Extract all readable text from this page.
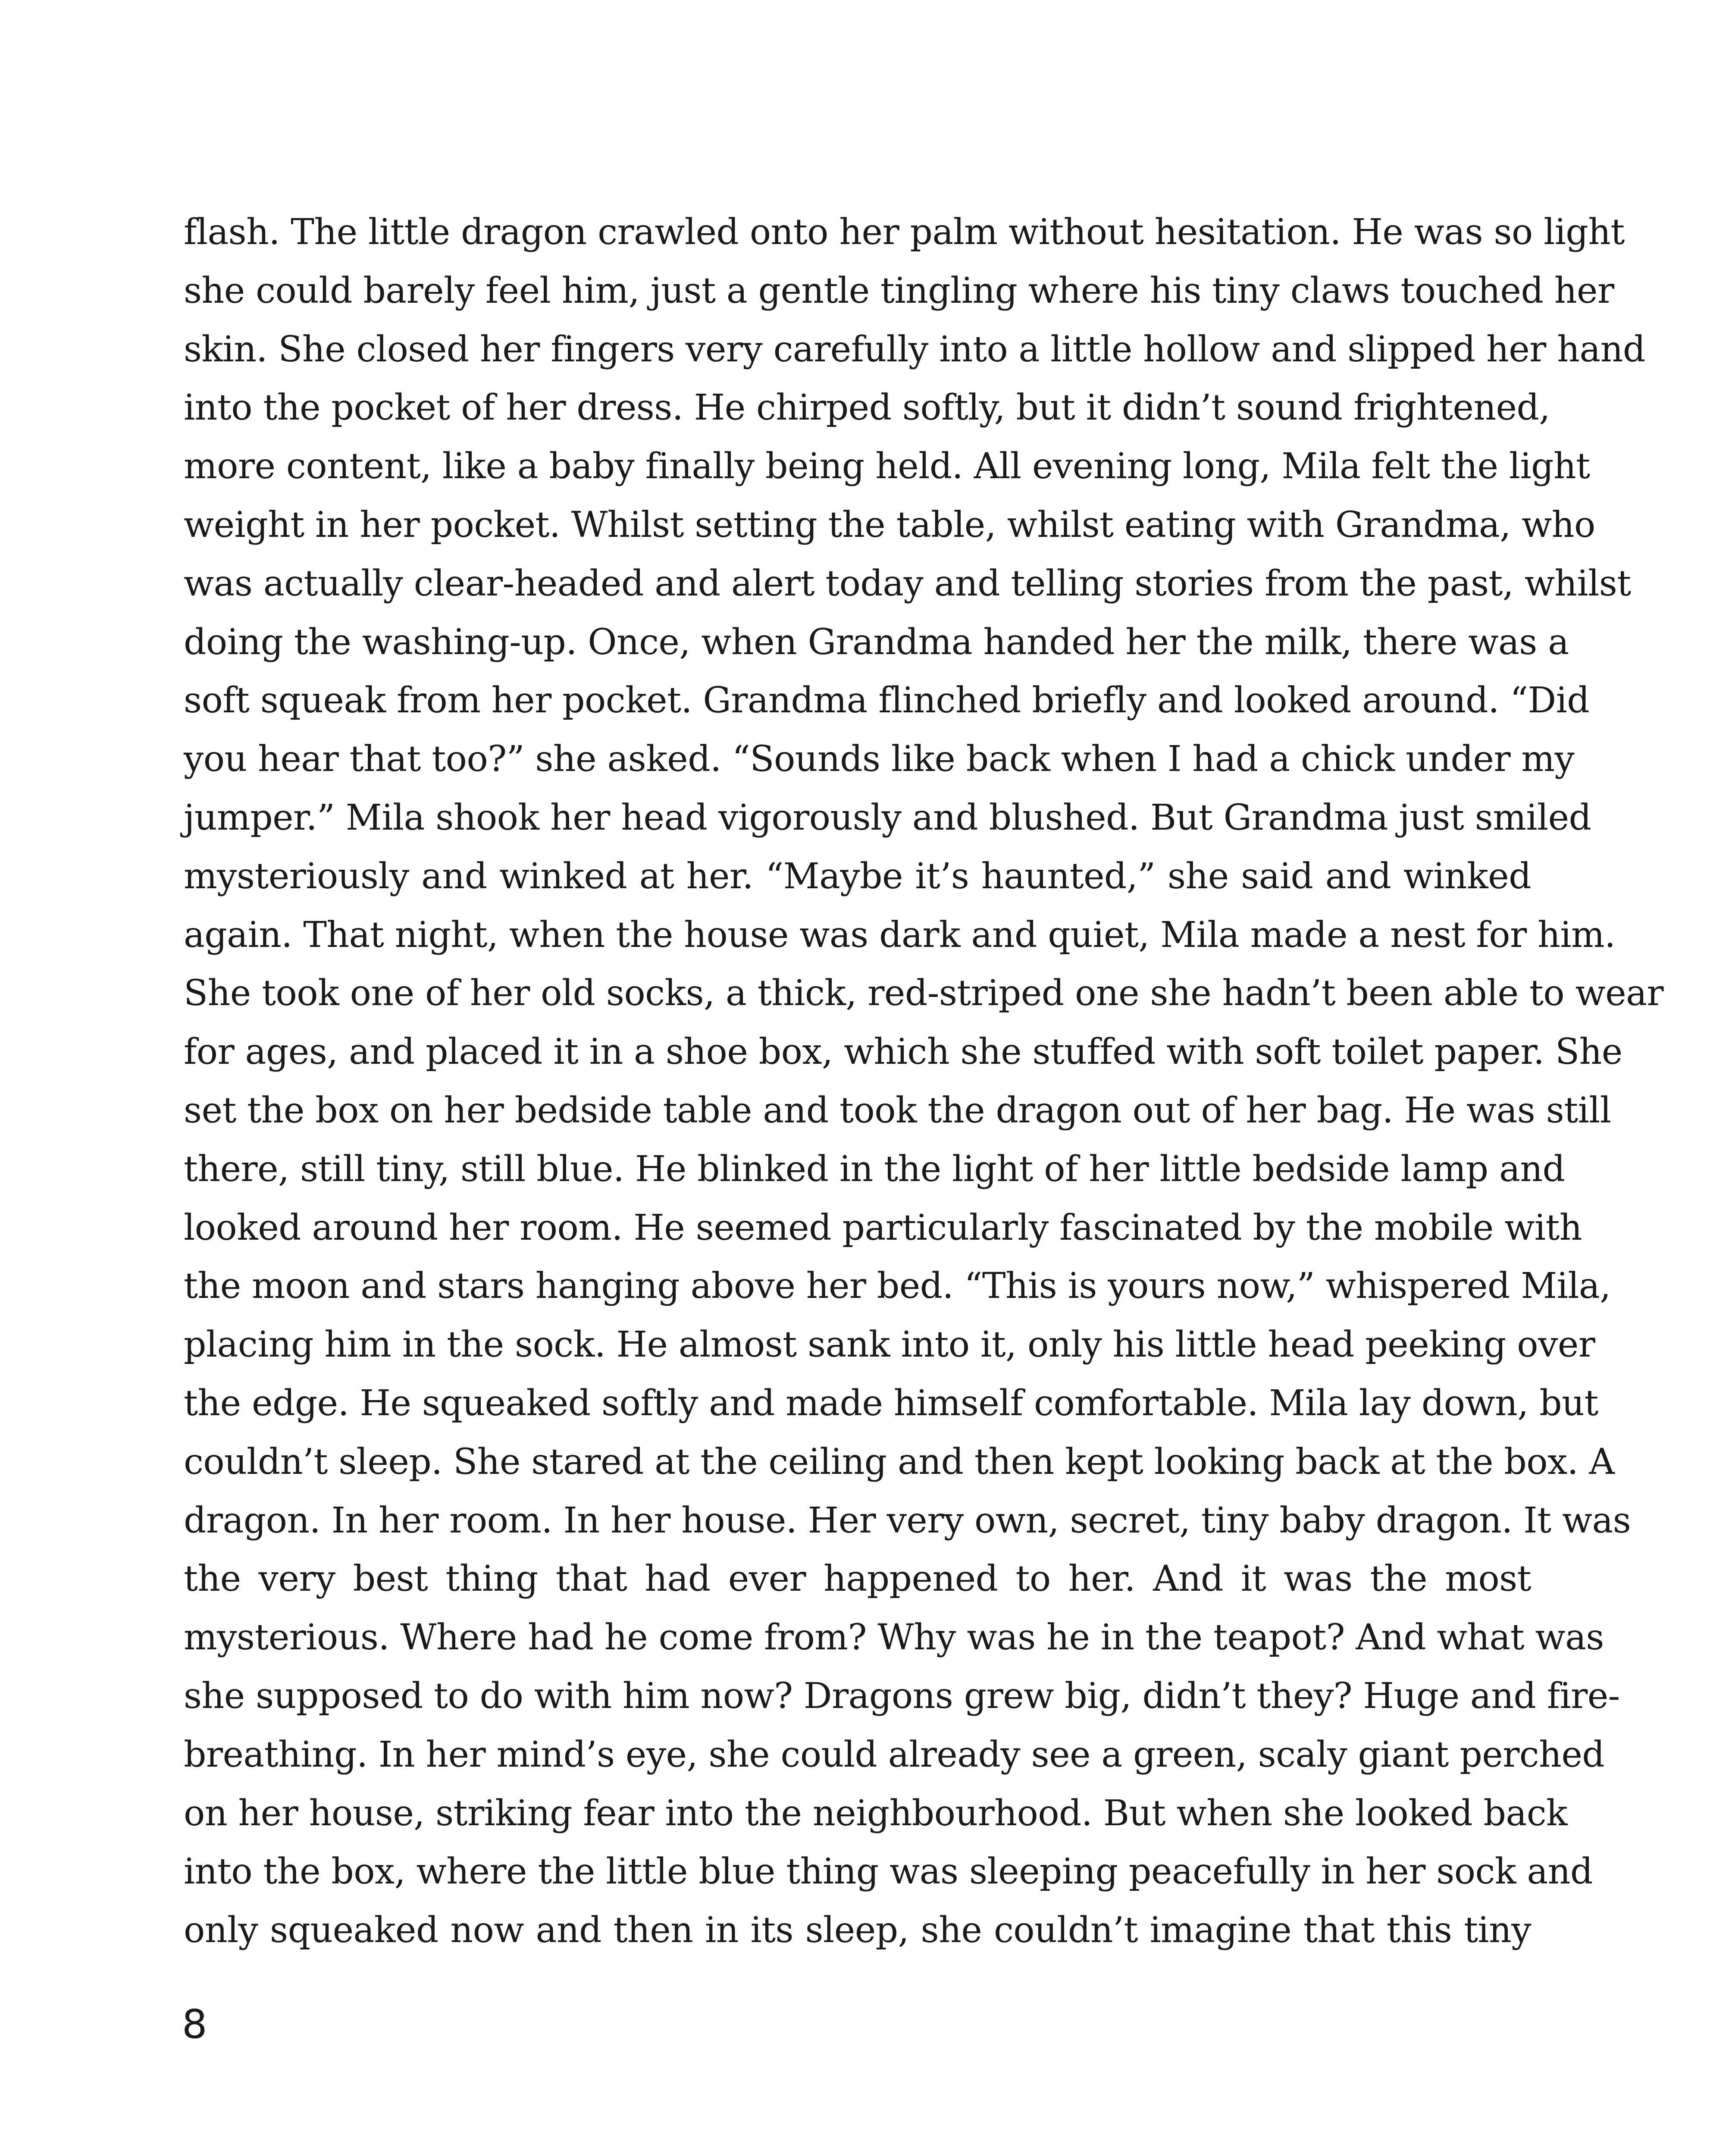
flash. The little dragon crawled onto her palm without hesitation. He was so light
she could barely feel him, just a gentle tingling where his tiny claws touched her
skin. She closed her fingers very carefully into a little hollow and slipped her hand
into the pocket of her dress. He chirped softly, but it didn’t sound frightened,
more content, like a baby finally being held. All evening long, Mila felt the light
weight in her pocket. Whilst setting the table, whilst eating with Grandma, who
was actually clear-headed and alert today and telling stories from the past, whilst
doing the washing-up. Once, when Grandma handed her the milk, there was a
soft squeak from her pocket. Grandma flinched briefly and looked around. “Did
you hear that too?” she asked. “Sounds like back when I had a chick under my
jumper.” Mila shook her head vigorously and blushed. But Grandma just smiled
mysteriously and winked at her. “Maybe it’s haunted,” she said and winked
again. That night, when the house was dark and quiet, Mila made a nest for him.
She took one of her old socks, a thick, red-striped one she hadn’t been able to wear
for ages, and placed it in a shoe box, which she stuffed with soft toilet paper. She
set the box on her bedside table and took the dragon out of her bag. He was still
there, still tiny, still blue. He blinked in the light of her little bedside lamp and
looked around her room. He seemed particularly fascinated by the mobile with
the moon and stars hanging above her bed. “This is yours now,” whispered Mila,
placing him in the sock. He almost sank into it, only his little head peeking over
the edge. He squeaked softly and made himself comfortable. Mila lay down, but
couldn’t sleep. She stared at the ceiling and then kept looking back at the box. A
dragon. In her room. In her house. Her very own, secret, tiny baby dragon. It was
the very best thing that had ever happened to her. And it was the most
mysterious. Where had he come from? Why was he in the teapot? And what was
she supposed to do with him now? Dragons grew big, didn’t they? Huge and fire-
breathing. In her mind’s eye, she could already see a green, scaly giant perched
on her house, striking fear into the neighbourhood. But when she looked back
into the box, where the little blue thing was sleeping peacefully in her sock and
only squeaked now and then in its sleep, she couldn’t imagine that this tiny
8
